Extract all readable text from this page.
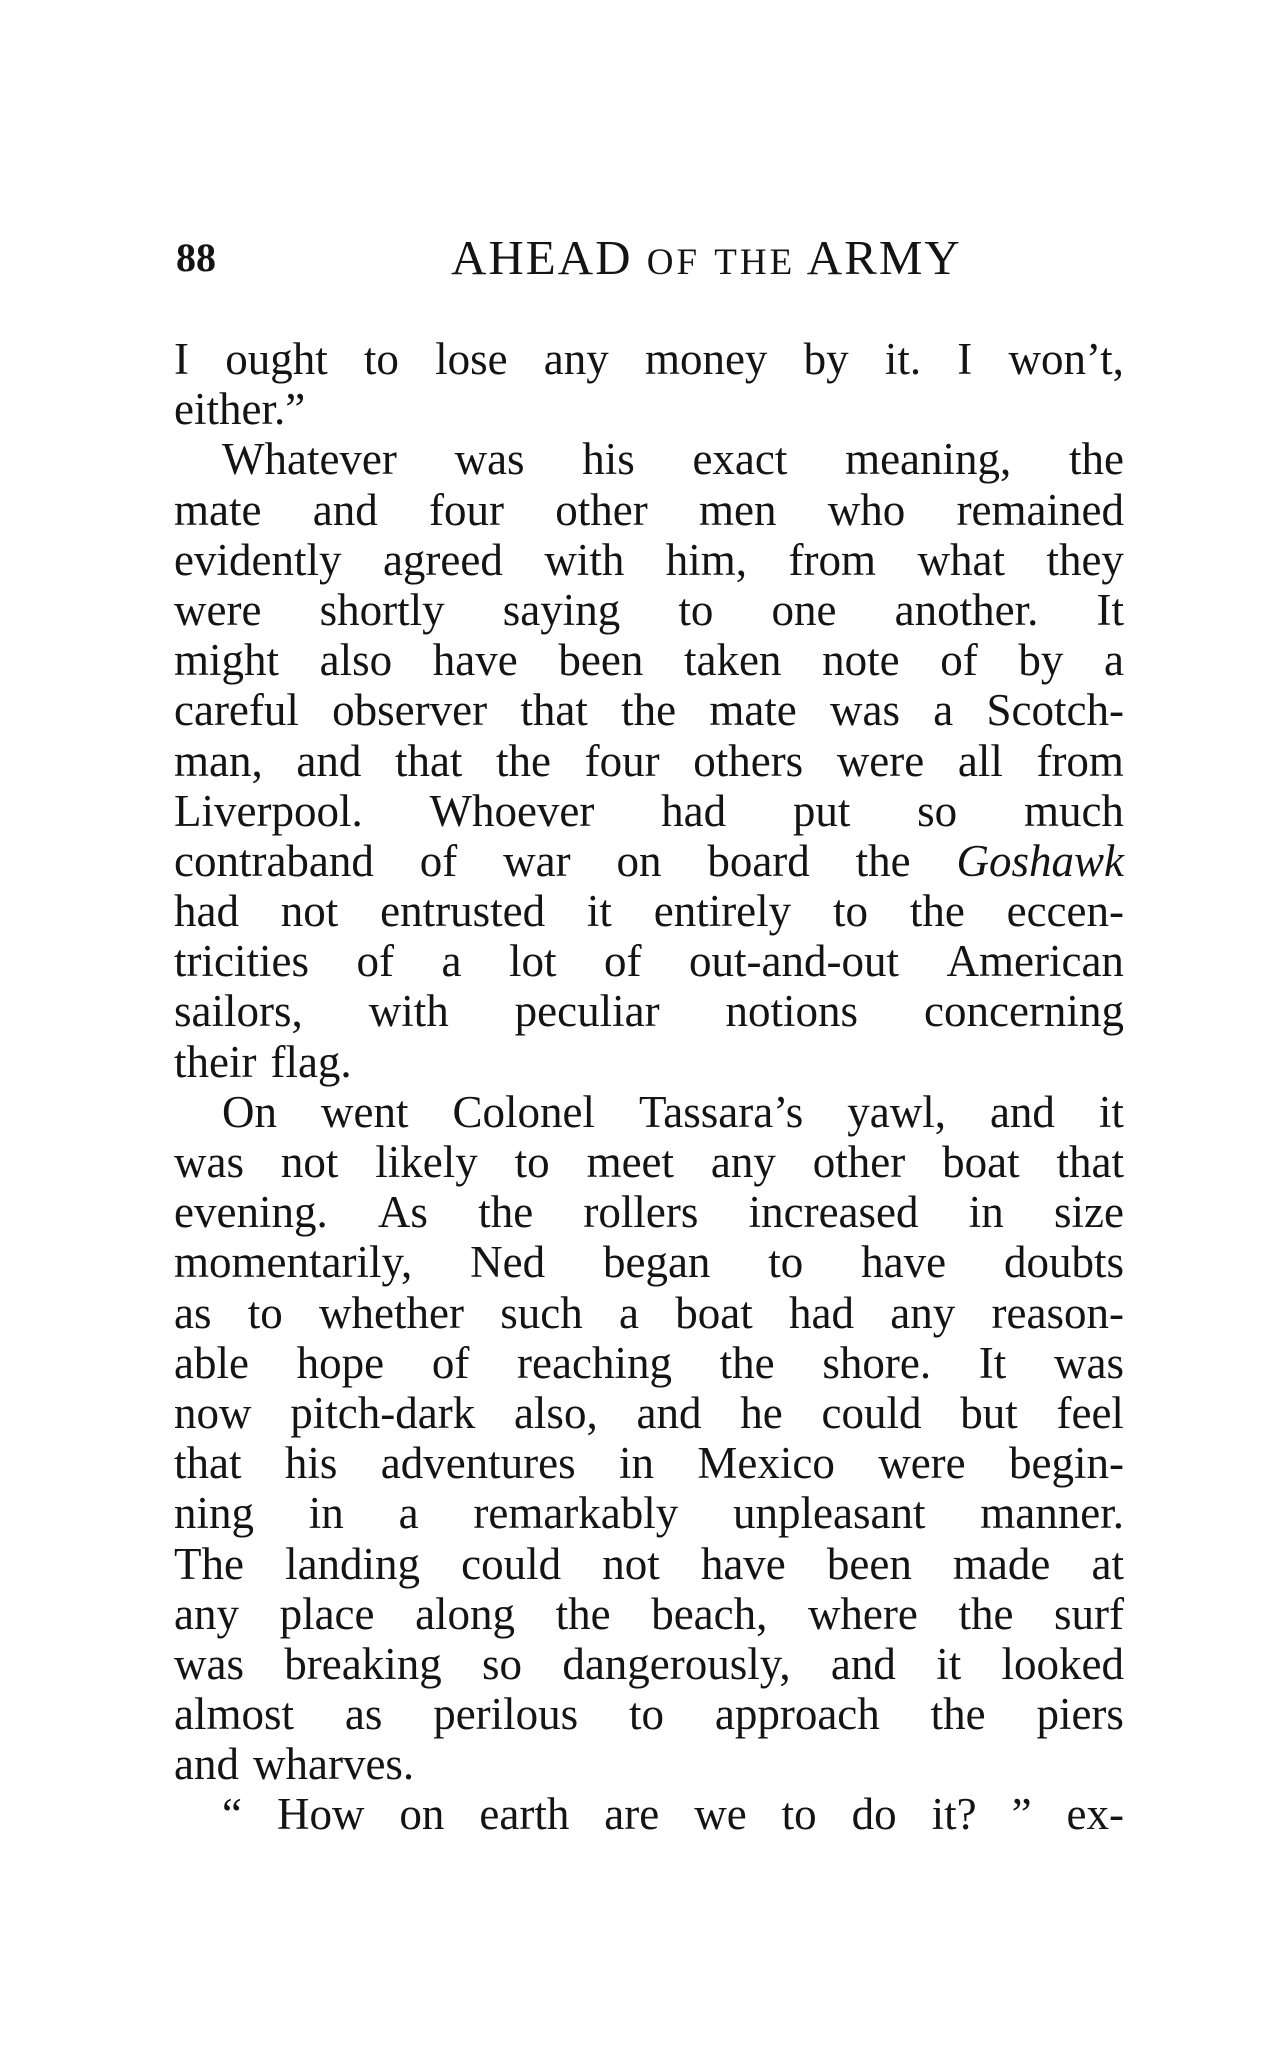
88	AHEAD OF THE ARMY
I ought to lose any money by it. I won’t,
either.”
Whatever was his exact meaning, the
mate and four other men who remained
evidently agreed with him, from what they
were shortly saying to one another. It
might also have been taken note of by a
careful observer that the mate was a Scotch-
man, and that the four others were all from
Liverpool. Whoever had put so much
contraband of war on board the Goshawk
had not entrusted it entirely to the eccen-
tricities of a lot of out-and-out American
sailors, with peculiar notions concerning
their flag.
On went Colonel Tassara’s yawl, and it
was not likely to meet any other boat that
evening. As the rollers increased in size
momentarily, Ned began to have doubts
as to whether such a boat had any reason-
able hope of reaching the shore. It was
now pitch-dark also, and he could but feel
that his adventures in Mexico were begin-
ning in a remarkably unpleasant manner.
The landing could not have been made at
any place along the beach, where the surf
was breaking so dangerously, and it looked
almost as perilous to approach the piers
and wharves.
“ How on earth are we to do it? ” ex-
